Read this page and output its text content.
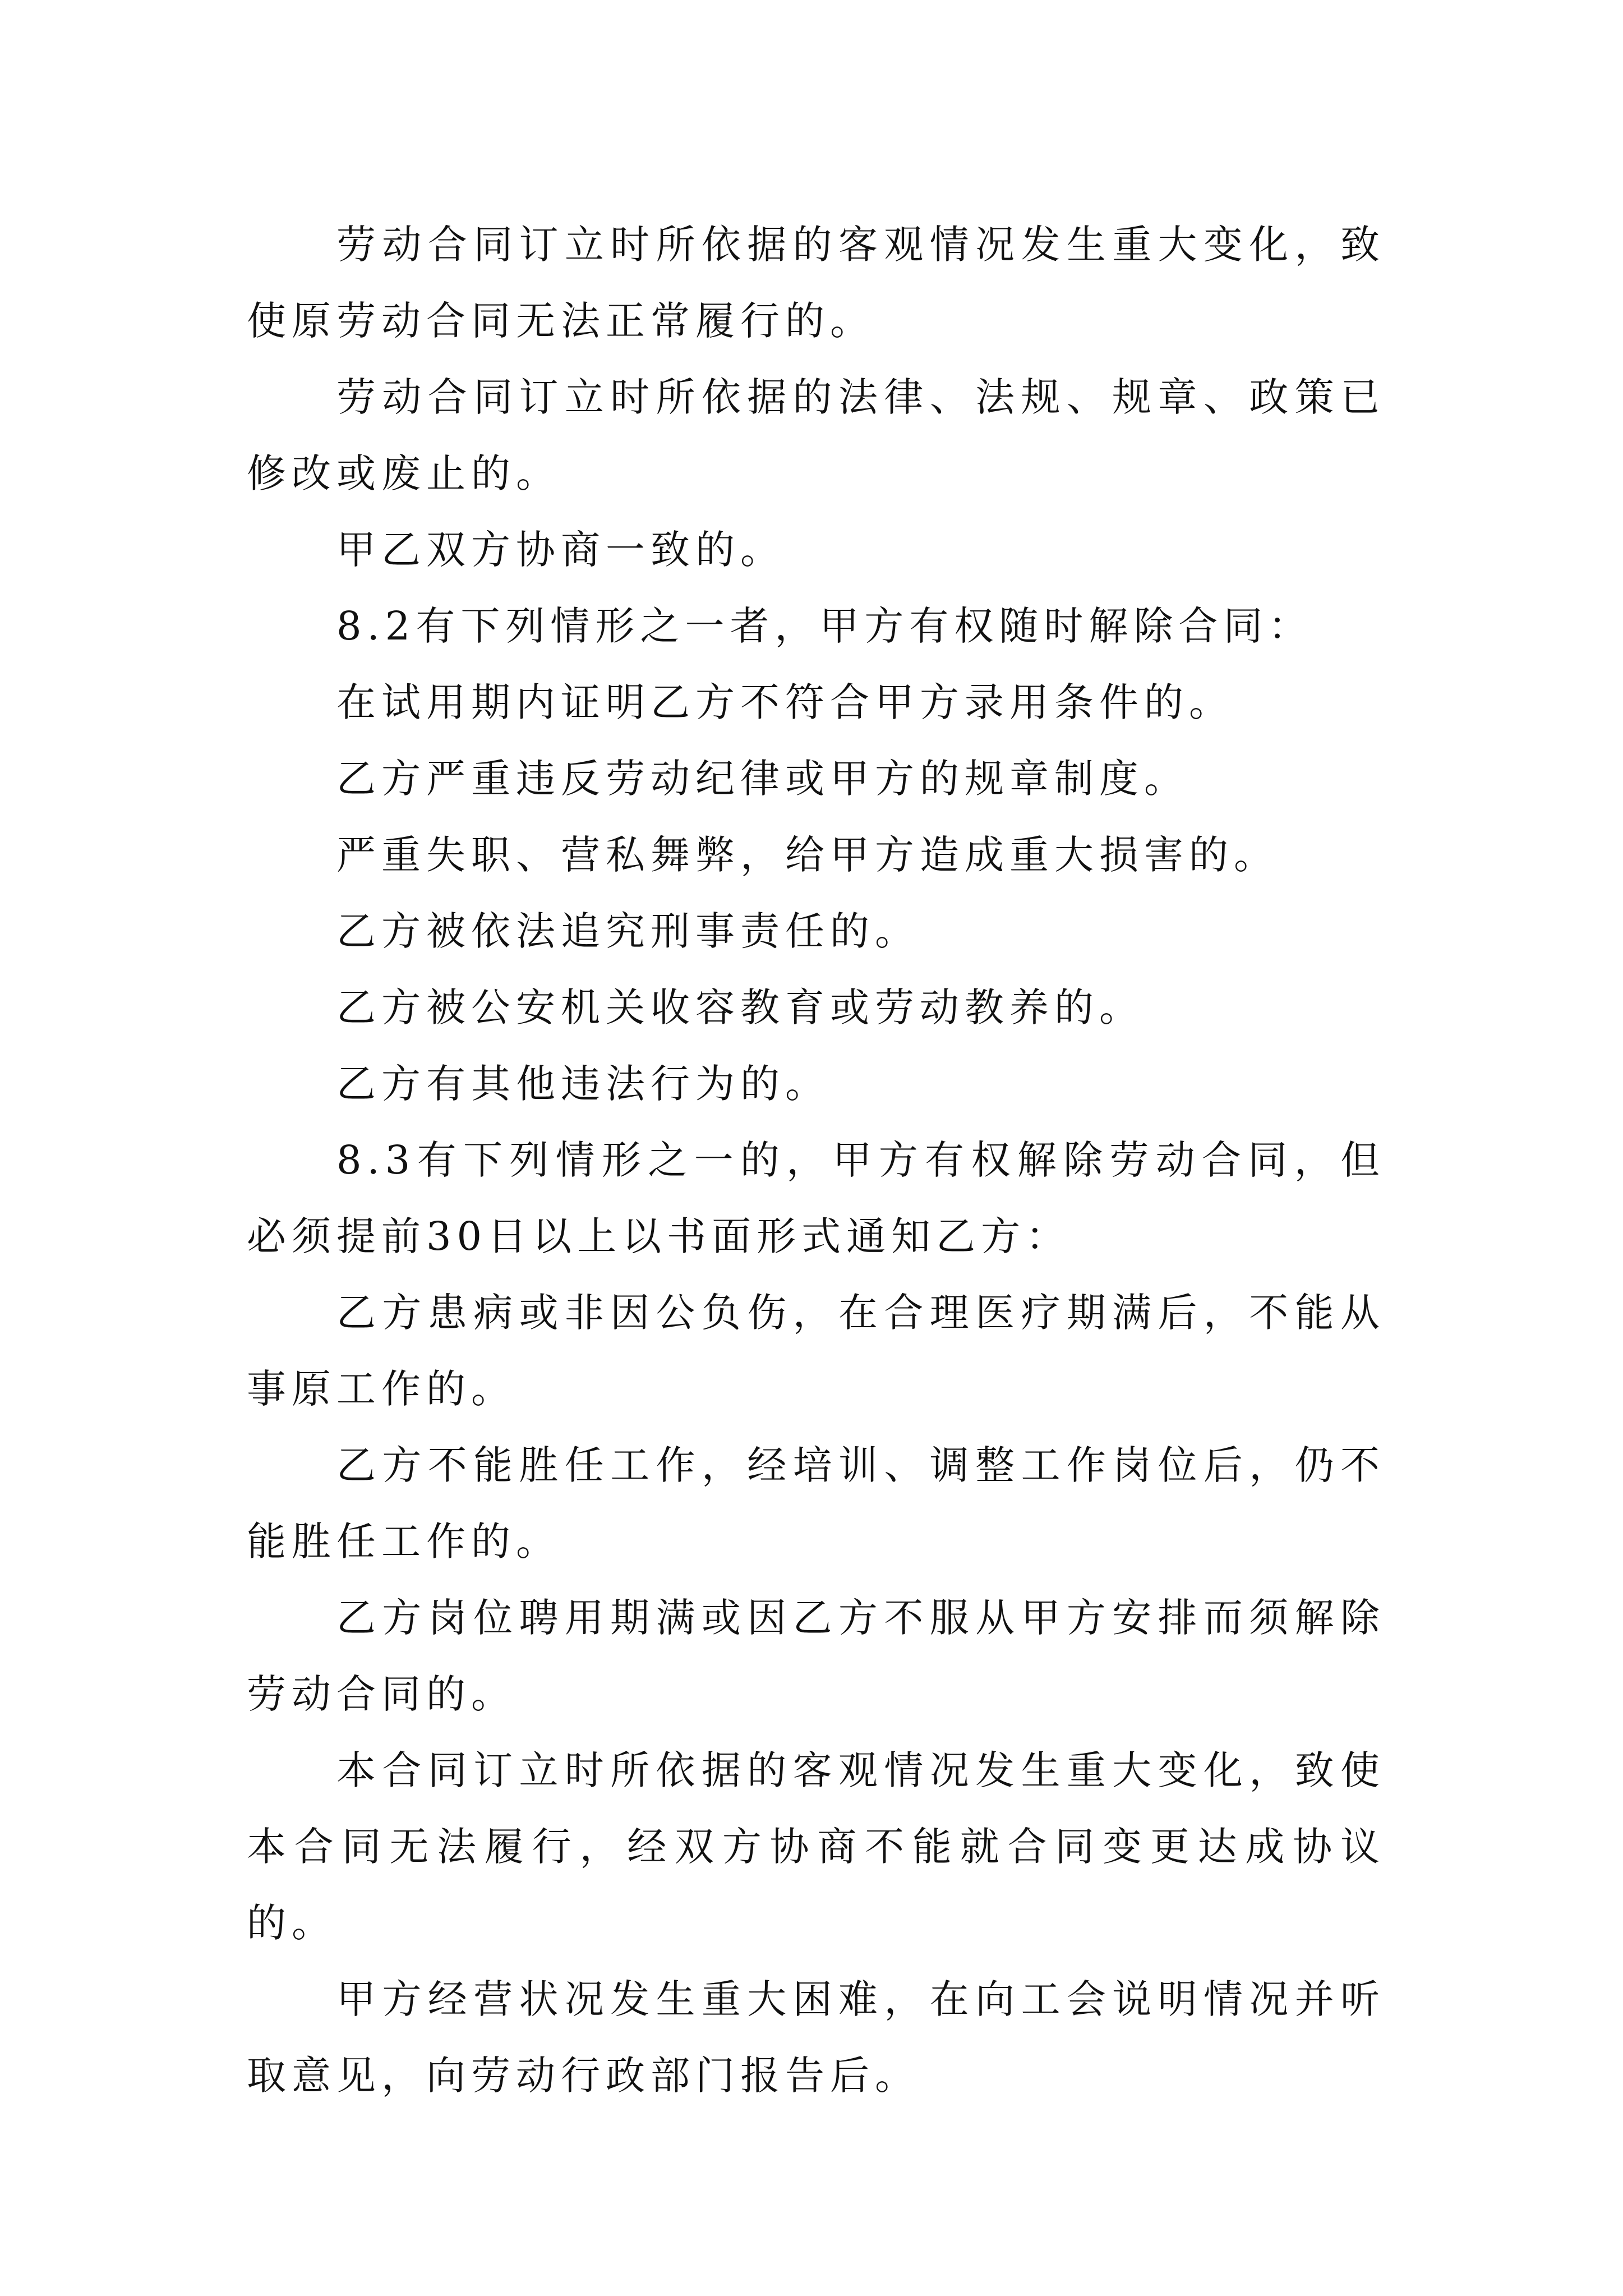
劳动合同订立时所依据的客观情况发生重大变化，致使原劳动合同无法正常履行的。

劳动合同订立时所依据的法律、法规、规章、政策已修改或废止的。

甲乙双方协商一致的。

8.2有下列情形之一者，甲方有权随时解除合同：

在试用期内证明乙方不符合甲方录用条件的。

乙方严重违反劳动纪律或甲方的规章制度。

严重失职、营私舞弊，给甲方造成重大损害的。

乙方被依法追究刑事责任的。

乙方被公安机关收容教育或劳动教养的。

乙方有其他违法行为的。

8.3有下列情形之一的，甲方有权解除劳动合同，但必须提前30日以上以书面形式通知乙方：

乙方患病或非因公负伤，在合理医疗期满后，不能从事原工作的。

乙方不能胜任工作，经培训、调整工作岗位后，仍不能胜任工作的。

乙方岗位聘用期满或因乙方不服从甲方安排而须解除劳动合同的。

本合同订立时所依据的客观情况发生重大变化，致使本合同无法履行，经双方协商不能就合同变更达成协议的。

甲方经营状况发生重大困难，在向工会说明情况并听取意见，向劳动行政部门报告后。
